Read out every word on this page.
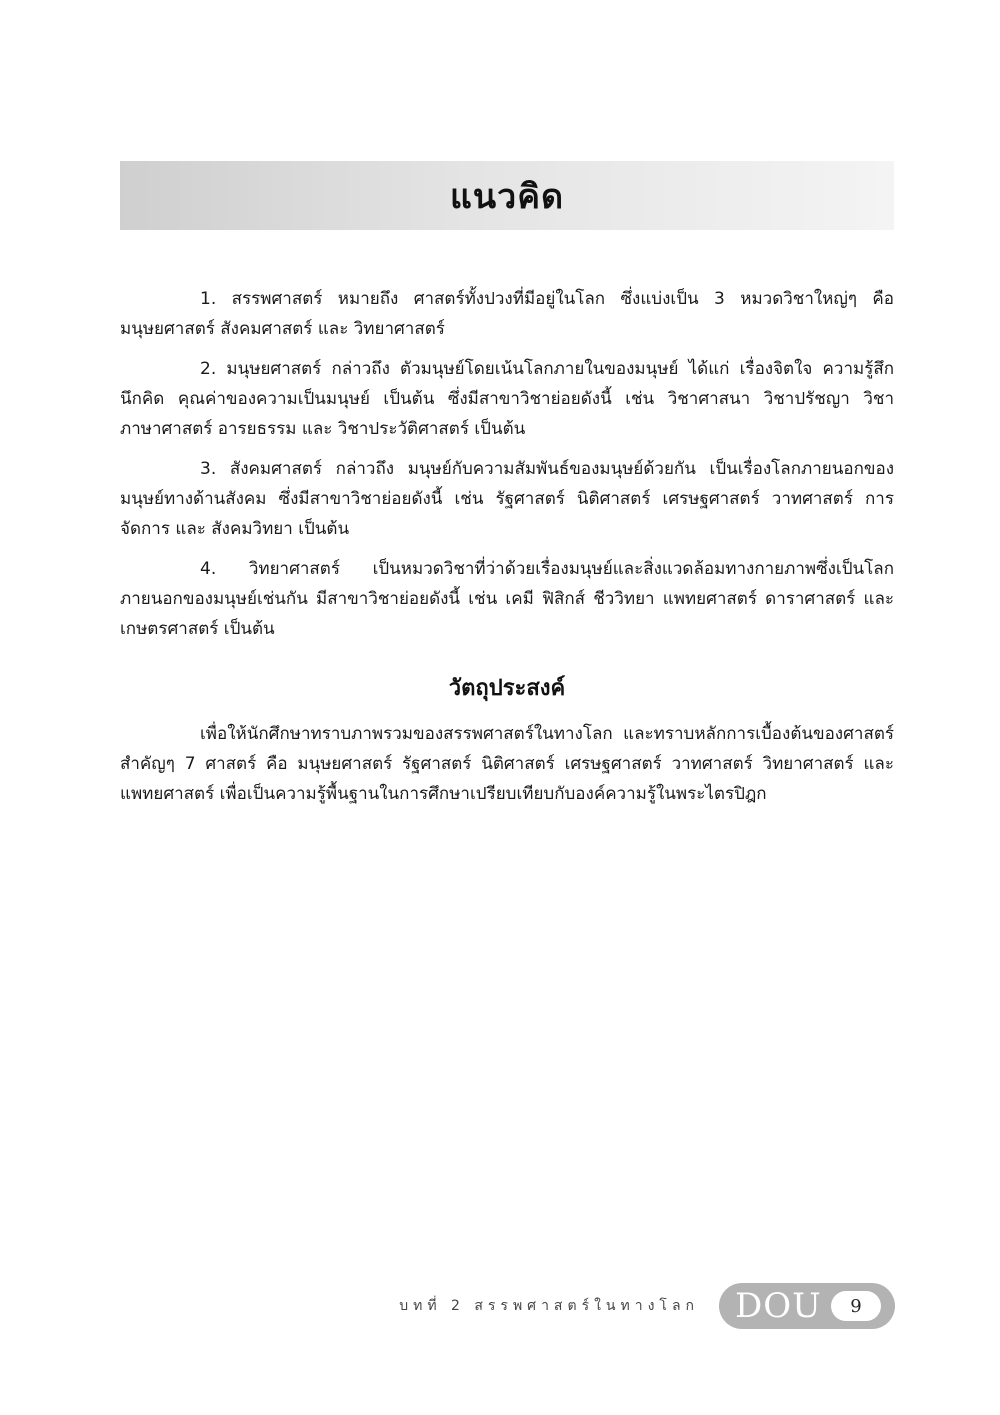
แนวคิด

1. สรรพศาสตร์ หมายถึง ศาสตร์ทั้งปวงที่มีอยู่ในโลก ซึ่งแบ่งเป็น 3 หมวดวิชาใหญ่ๆ คือ มนุษยศาสตร์ สังคมศาสตร์ และ วิทยาศาสตร์

2. มนุษยศาสตร์ กล่าวถึง ตัวมนุษย์โดยเน้นโลกภายในของมนุษย์ ได้แก่ เรื่องจิตใจ ความรู้สึกนึกคิด คุณค่าของความเป็นมนุษย์ เป็นต้น ซึ่งมีสาขาวิชาย่อยดังนี้ เช่น วิชาศาสนา วิชาปรัชญา วิชาภาษาศาสตร์ อารยธรรม และ วิชาประวัติศาสตร์ เป็นต้น

3. สังคมศาสตร์ กล่าวถึง มนุษย์กับความสัมพันธ์ของมนุษย์ด้วยกัน เป็นเรื่องโลกภายนอกของมนุษย์ทางด้านสังคม ซึ่งมีสาขาวิชาย่อยดังนี้ เช่น รัฐศาสตร์ นิติศาสตร์ เศรษฐศาสตร์ วาทศาสตร์ การจัดการ และ สังคมวิทยา เป็นต้น

4. วิทยาศาสตร์ เป็นหมวดวิชาที่ว่าด้วยเรื่องมนุษย์และสิ่งแวดล้อมทางกายภาพซึ่งเป็นโลกภายนอกของมนุษย์เช่นกัน มีสาขาวิชาย่อยดังนี้ เช่น เคมี ฟิสิกส์ ชีววิทยา แพทยศาสตร์ ดาราศาสตร์ และ เกษตรศาสตร์ เป็นต้น

วัตถุประสงค์

เพื่อให้นักศึกษาทราบภาพรวมของสรรพศาสตร์ในทางโลก และทราบหลักการเบื้องต้นของศาสตร์สำคัญๆ 7 ศาสตร์ คือ มนุษยศาสตร์ รัฐศาสตร์ นิติศาสตร์ เศรษฐศาสตร์ วาทศาสตร์ วิทยาศาสตร์ และแพทยศาสตร์ เพื่อเป็นความรู้พื้นฐานในการศึกษาเปรียบเทียบกับองค์ความรู้ในพระไตรปิฎก

บทที่ 2 สรรพศาสตร์ในทางโลก DOU	9
